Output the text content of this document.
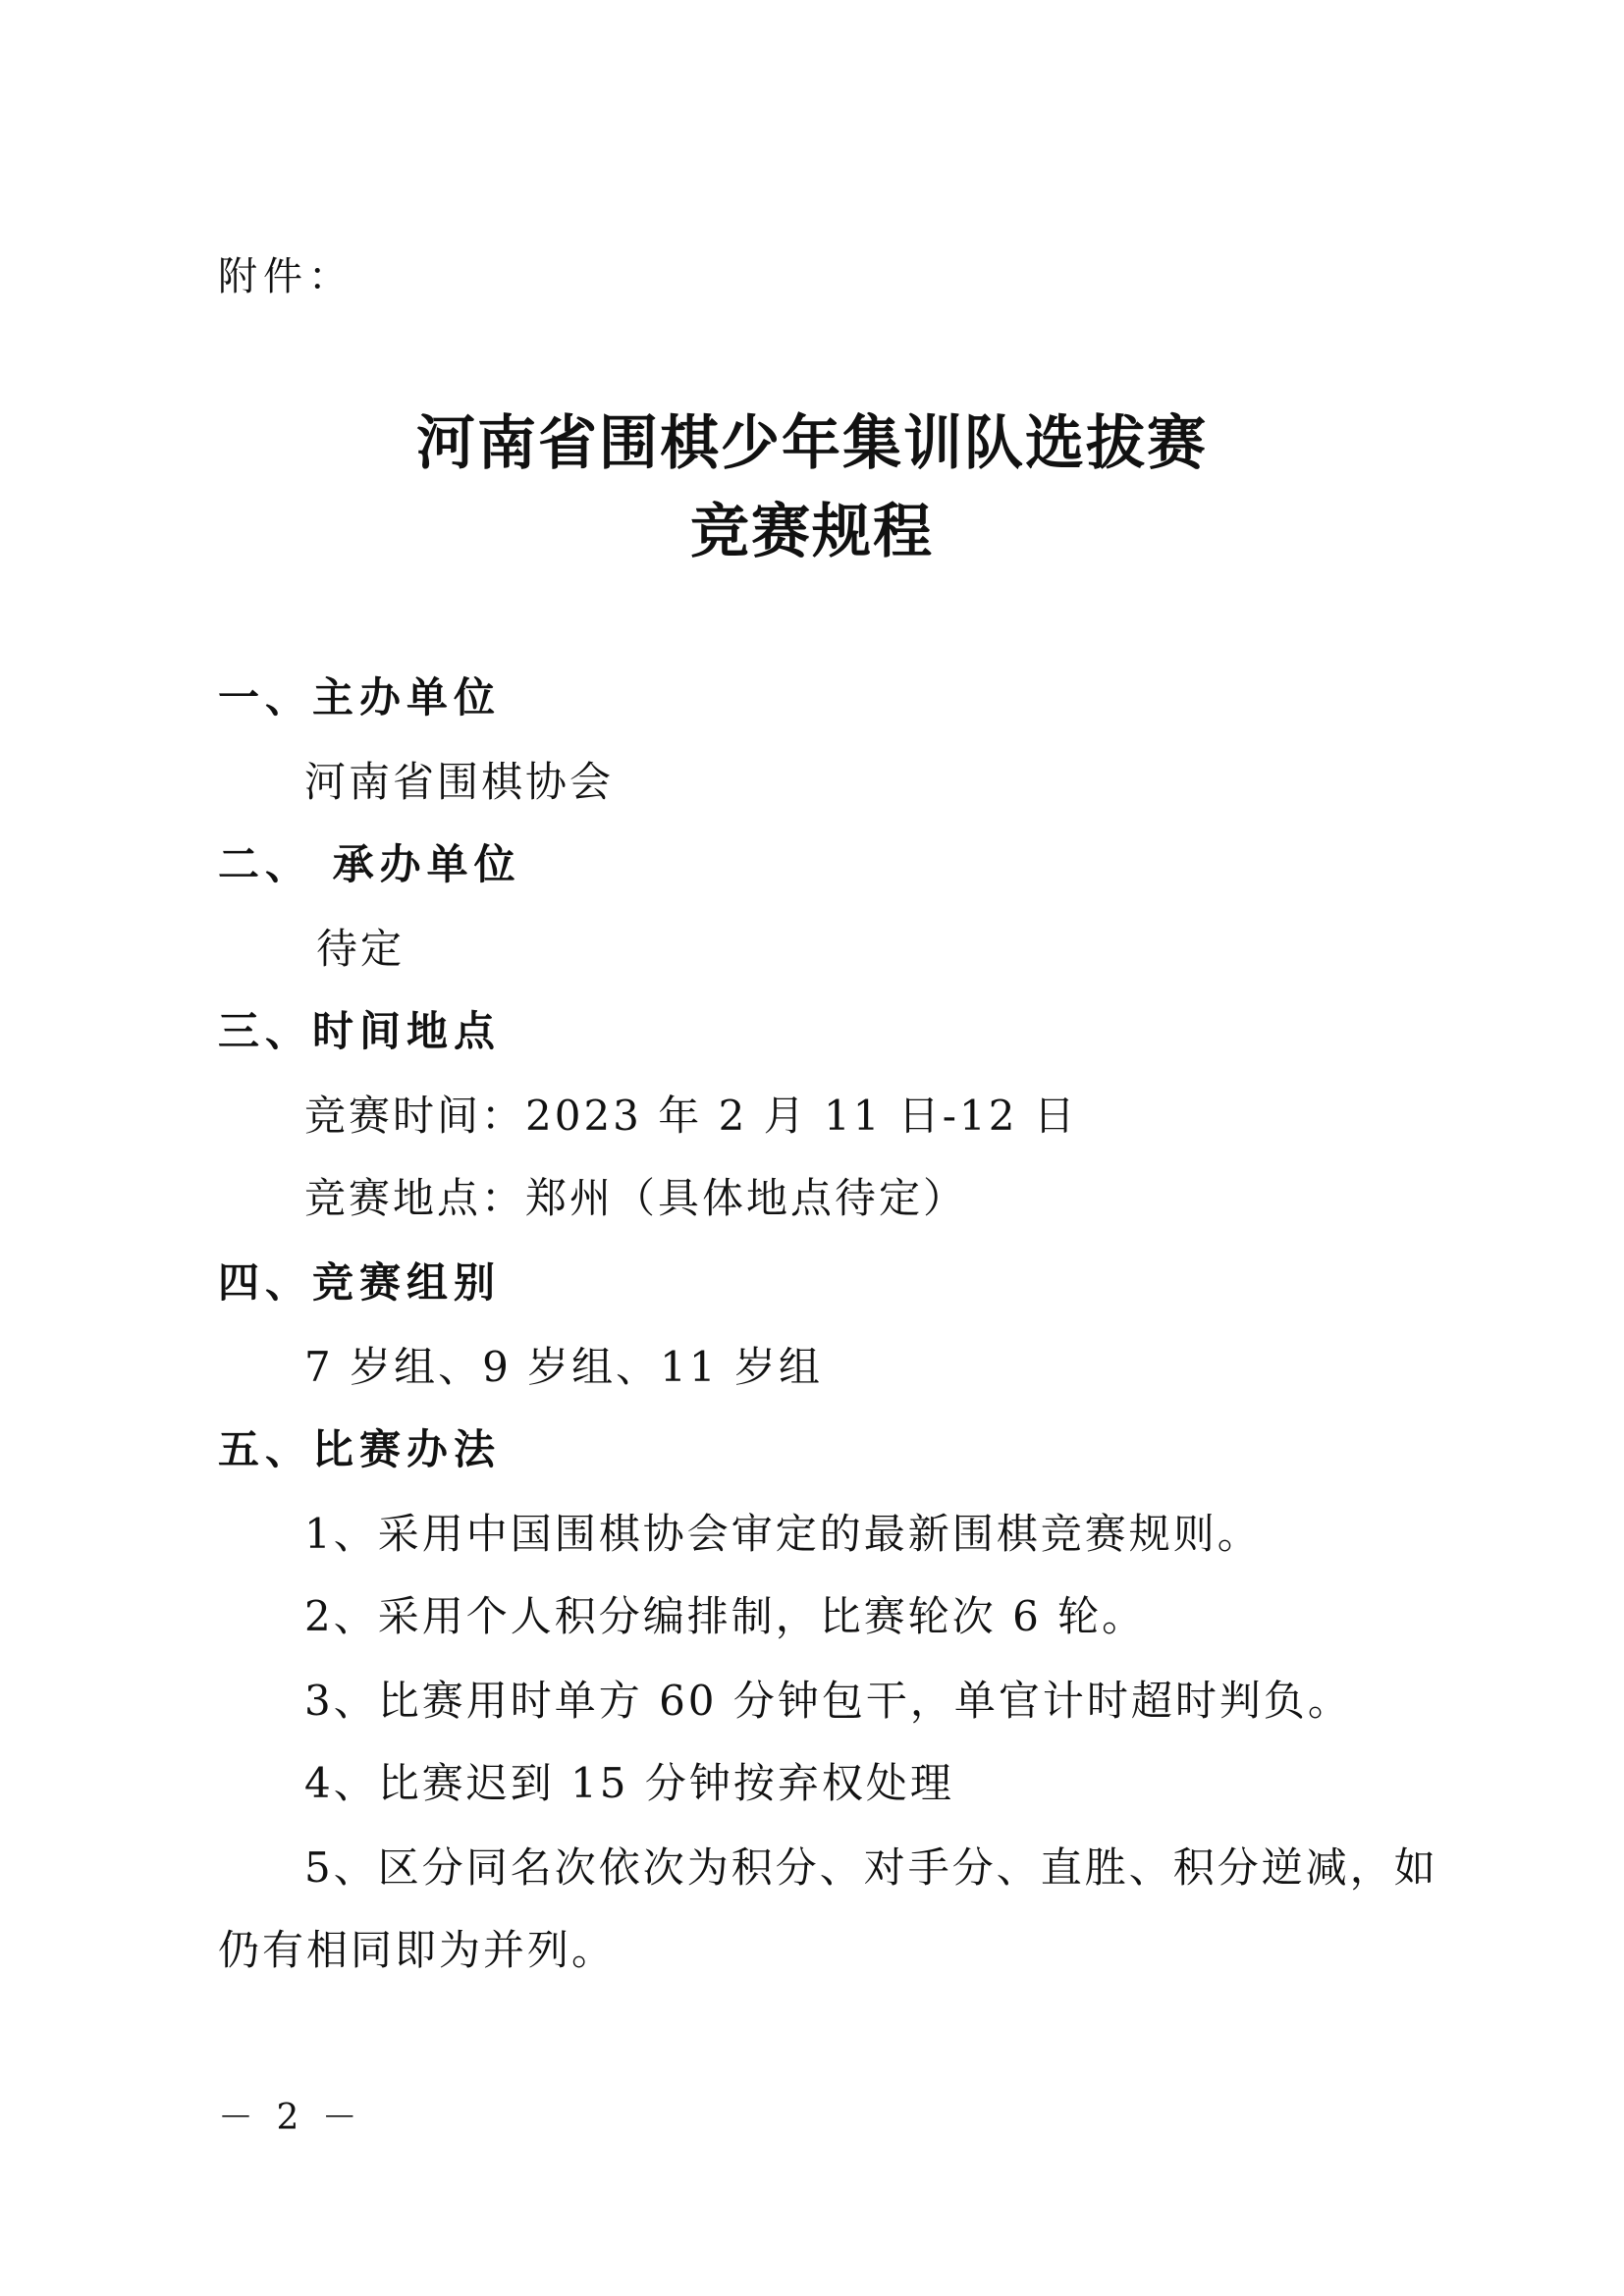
附件：
河南省围棋少年集训队选拔赛
竞赛规程
一、主办单位
河南省围棋协会
二、 承办单位
待定
三、时间地点
竞赛时间：2023 年 2 月 11 日-12 日
竞赛地点：郑州（具体地点待定）
四、竞赛组别
7 岁组、9 岁组、11 岁组
五、比赛办法
1、采用中国围棋协会审定的最新围棋竞赛规则。
2、采用个人积分编排制，比赛轮次 6 轮。
3、比赛用时单方 60 分钟包干，单官计时超时判负。
4、比赛迟到 15 分钟按弃权处理
5、区分同名次依次为积分、对手分、直胜、积分逆减，如
仍有相同即为并列。
－ 2 －
